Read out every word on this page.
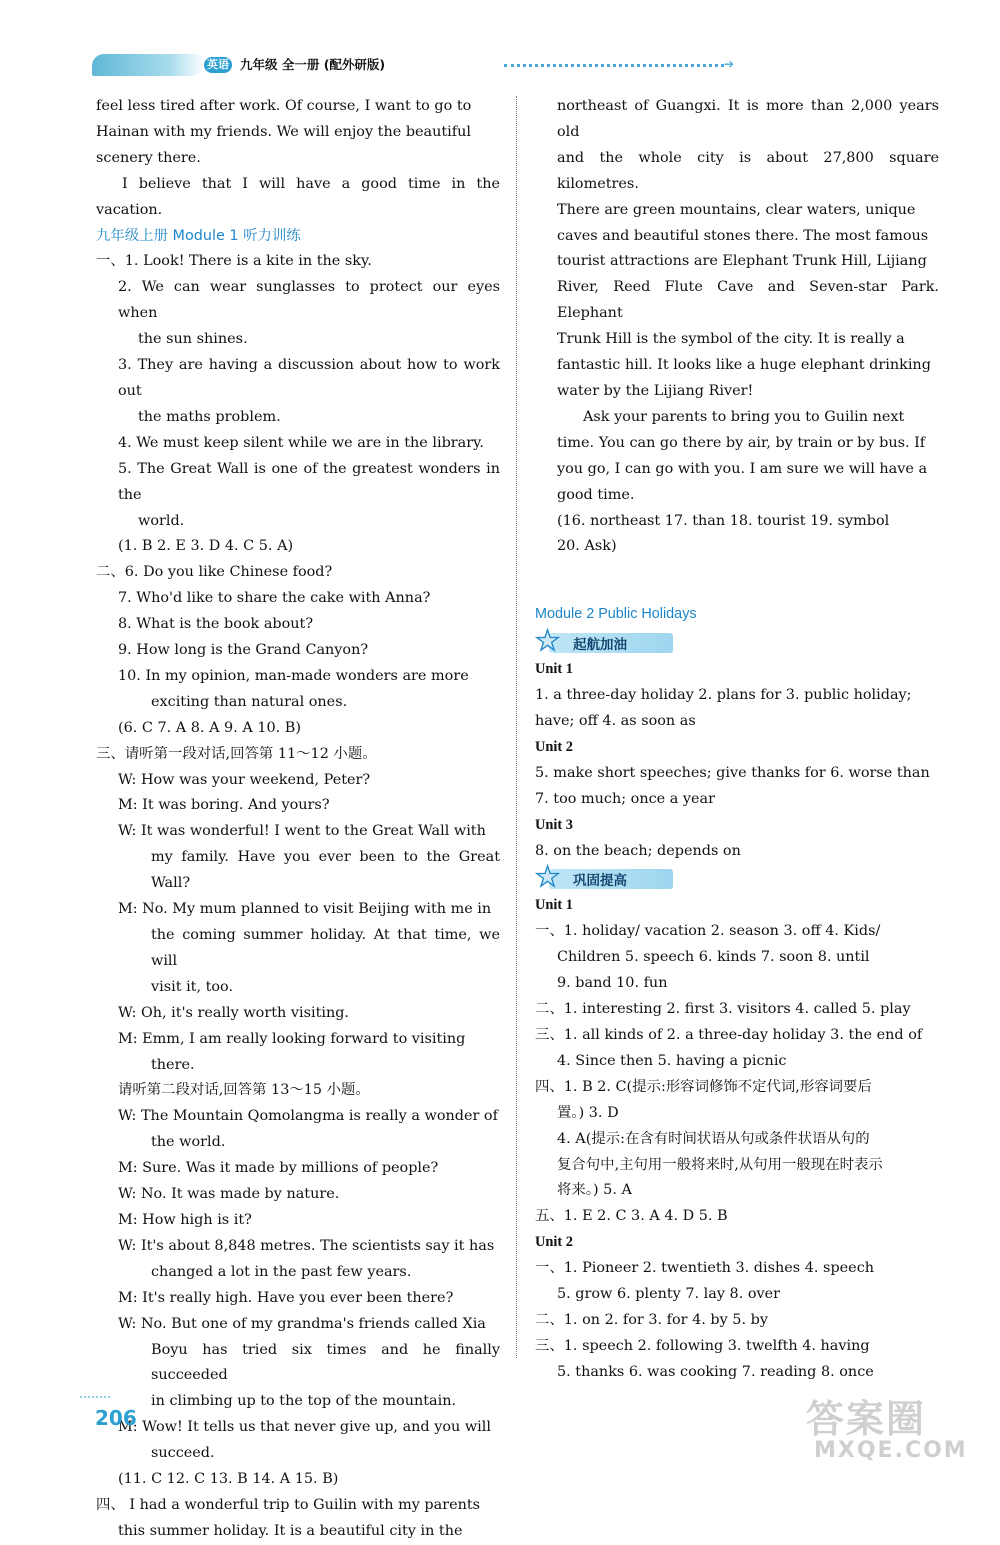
英语 九年级 全一册 (配外研版)	➔

feel less tired after work. Of course, I want to go to

Hainan with my friends. We will enjoy the beautiful

scenery there.

I believe that I will have a good time in the vacation.

九年级上册 Module 1 听力训练

一、1. Look! There is a kite in the sky.

2. We can wear sunglasses to protect our eyes when

the sun shines.

3. They are having a discussion about how to work out

the maths problem.

4. We must keep silent while we are in the library.

5. The Great Wall is one of the greatest wonders in the

world.

(1. B 2. E 3. D 4. C 5. A)

二、6. Do you like Chinese food?

7. Who'd like to share the cake with Anna?

8. What is the book about?

9. How long is the Grand Canyon?

10. In my opinion, man-made wonders are more

exciting than natural ones.

(6. C 7. A 8. A 9. A 10. B)

三、请听第一段对话,回答第 11～12 小题。

W: How was your weekend, Peter?

M: It was boring. And yours?

W: It was wonderful! I went to the Great Wall with

my family. Have you ever been to the Great Wall?

M: No. My mum planned to visit Beijing with me in

the coming summer holiday. At that time, we will

visit it, too.

W: Oh, it's really worth visiting.

M: Emm, I am really looking forward to visiting

there.

请听第二段对话,回答第 13～15 小题。

W: The Mountain Qomolangma is really a wonder of

the world.

M: Sure. Was it made by millions of people?

W: No. It was made by nature.

M: How high is it?

W: It's about 8,848 metres. The scientists say it has

changed a lot in the past few years.

M: It's really high. Have you ever been there?

W: No. But one of my grandma's friends called Xia

Boyu has tried six times and he finally succeeded

in climbing up to the top of the mountain.

M: Wow! It tells us that never give up, and you will

succeed.

(11. C 12. C 13. B 14. A 15. B)

四、 I had a wonderful trip to Guilin with my parents

this summer holiday. It is a beautiful city in the

northeast of Guangxi. It is more than 2,000 years old

and the whole city is about 27,800 square kilometres.

There are green mountains, clear waters, unique

caves and beautiful stones there. The most famous

tourist attractions are Elephant Trunk Hill, Lijiang

River, Reed Flute Cave and Seven-star Park. Elephant

Trunk Hill is the symbol of the city. It is really a

fantastic hill. It looks like a huge elephant drinking

water by the Lijiang River!

Ask your parents to bring you to Guilin next

time. You can go there by air, by train or by bus. If

you go, I can go with you. I am sure we will have a

good time.

(16. northeast 17. than 18. tourist 19. symbol

20. Ask)

Module 2 Public Holidays

★ 起航加油

Unit 1

1. a three-day holiday 2. plans for 3. public holiday;

have; off 4. as soon as

Unit 2

5. make short speeches; give thanks for 6. worse than

7. too much; once a year

Unit 3

8. on the beach; depends on

★ 巩固提高

Unit 1

一、1. holiday/ vacation 2. season 3. off 4. Kids/

Children 5. speech 6. kinds 7. soon 8. until

9. band 10. fun

二、1. interesting 2. first 3. visitors 4. called 5. play

三、1. all kinds of 2. a three-day holiday 3. the end of

4. Since then 5. having a picnic

四、1. B 2. C(提示:形容词修饰不定代词,形容词要后

置。) 3. D

4. A(提示:在含有时间状语从句或条件状语从句的

复合句中,主句用一般将来时,从句用一般现在时表示

将来。) 5. A

五、1. E 2. C 3. A 4. D 5. B

Unit 2

一、1. Pioneer 2. twentieth 3. dishes 4. speech

5. grow 6. plenty 7. lay 8. over

二、1. on 2. for 3. for 4. by 5. by

三、1. speech 2. following 3. twelfth 4. having

5. thanks 6. was cooking 7. reading 8. once

206	答案圈
MXQE.COM
